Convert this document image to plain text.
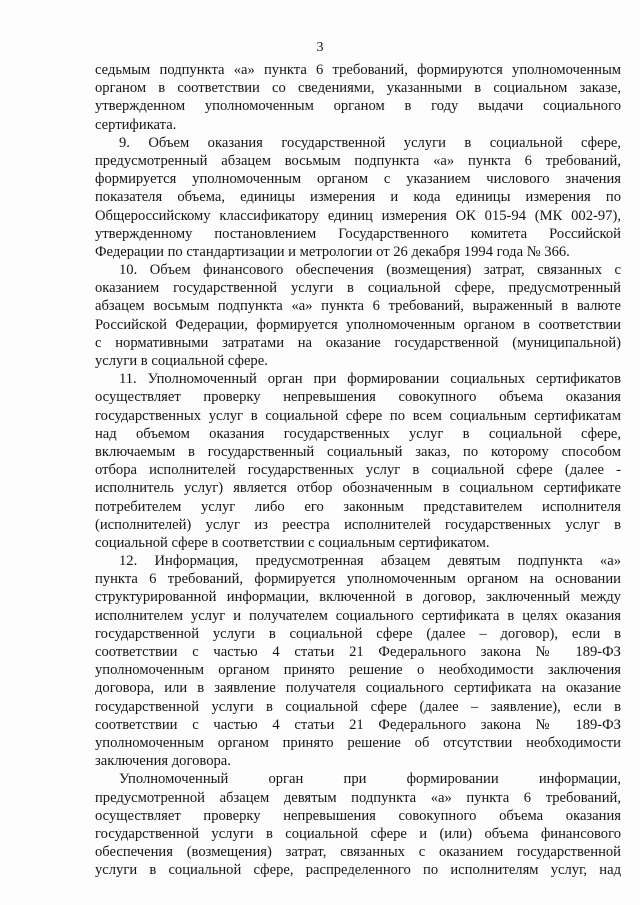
3
седьмым подпункта «а» пункта 6 требований, формируются уполномоченным
органом в соответствии со сведениями, указанными в социальном заказе,
утвержденном уполномоченным органом в году выдачи социального
сертификата.
9. Объем оказания государственной услуги в социальной сфере,
предусмотренный абзацем восьмым подпункта «а» пункта 6 требований,
формируется уполномоченным органом с указанием числового значения
показателя объема, единицы измерения и кода единицы измерения по
Общероссийскому классификатору единиц измерения ОК 015-94 (МК 002-97),
утвержденному постановлением Государственного комитета Российской
Федерации по стандартизации и метрологии от 26 декабря 1994 года № 366.
10. Объем финансового обеспечения (возмещения) затрат, связанных с
оказанием государственной услуги в социальной сфере, предусмотренный
абзацем восьмым подпункта «а» пункта 6 требований, выраженный в валюте
Российской Федерации, формируется уполномоченным органом в соответствии
с нормативными затратами на оказание государственной (муниципальной)
услуги в социальной сфере.
11. Уполномоченный орган при формировании социальных сертификатов
осуществляет проверку непревышения совокупного объема оказания
государственных услуг в социальной сфере по всем социальным сертификатам
над объемом оказания государственных услуг в социальной сфере,
включаемым в государственный социальный заказ, по которому способом
отбора исполнителей государственных услуг в социальной сфере (далее -
исполнитель услуг) является отбор обозначенным в социальном сертификате
потребителем услуг либо его законным представителем исполнителя
(исполнителей) услуг из реестра исполнителей государственных услуг в
социальной сфере в соответствии с социальным сертификатом.
12. Информация, предусмотренная абзацем девятым подпункта «а»
пункта 6 требований, формируется уполномоченным органом на основании
структурированной информации, включенной в договор, заключенный между
исполнителем услуг и получателем социального сертификата в целях оказания
государственной услуги в социальной сфере (далее – договор), если в
соответствии с частью 4 статьи 21 Федерального закона № 189-ФЗ
уполномоченным органом принято решение о необходимости заключения
договора, или в заявление получателя социального сертификата на оказание
государственной услуги в социальной сфере (далее – заявление), если в
соответствии с частью 4 статьи 21 Федерального закона № 189-ФЗ
уполномоченным органом принято решение об отсутствии необходимости
заключения договора.
Уполномоченный орган при формировании информации,
предусмотренной абзацем девятым подпункта «а» пункта 6 требований,
осуществляет проверку непревышения совокупного объема оказания
государственной услуги в социальной сфере и (или) объема финансового
обеспечения (возмещения) затрат, связанных с оказанием государственной
услуги в социальной сфере, распределенного по исполнителям услуг, над
